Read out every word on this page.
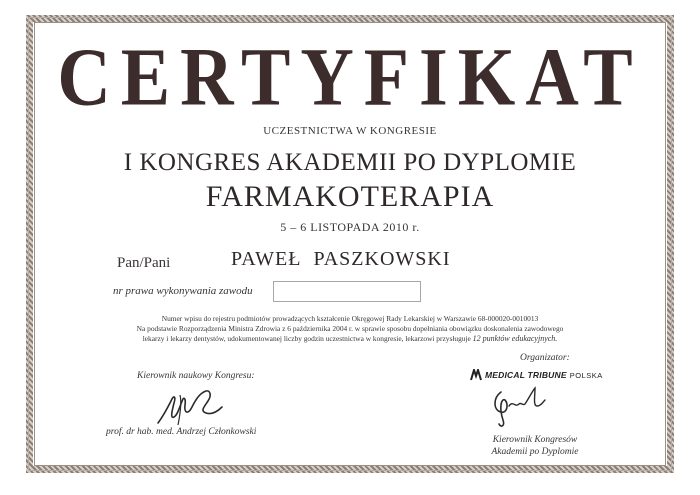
CERTYFIKAT
UCZESTNICTWA W KONGRESIE
I KONGRES AKADEMII PO DYPLOMIE
FARMAKOTERAPIA
5 – 6 LISTOPADA 2010 r.
Pan/Pani	PAWEŁ PASZKOWSKI
nr prawa wykonywania zawodu
Numer wpisu do rejestru podmiotów prowadzących kształcenie Okręgowej Rady Lekarskiej w Warszawie 68-000020-0010013
Na podstawie Rozporządzenia Ministra Zdrowia z 6 października 2004 r. w sprawie sposobu dopełniania obowiązku doskonalenia zawodowego
lekarzy i lekarzy dentystów, udokumentowanej liczby godzin uczestnictwa w kongresie, lekarzowi przysługuje 12 punktów edukacyjnych.
Organizator:
MEDICAL TRIBUNE POLSKA
Kierownik naukowy Kongresu:
prof. dr hab. med. Andrzej Członkowski
Kierownik Kongresów
Akademii po Dyplomie
